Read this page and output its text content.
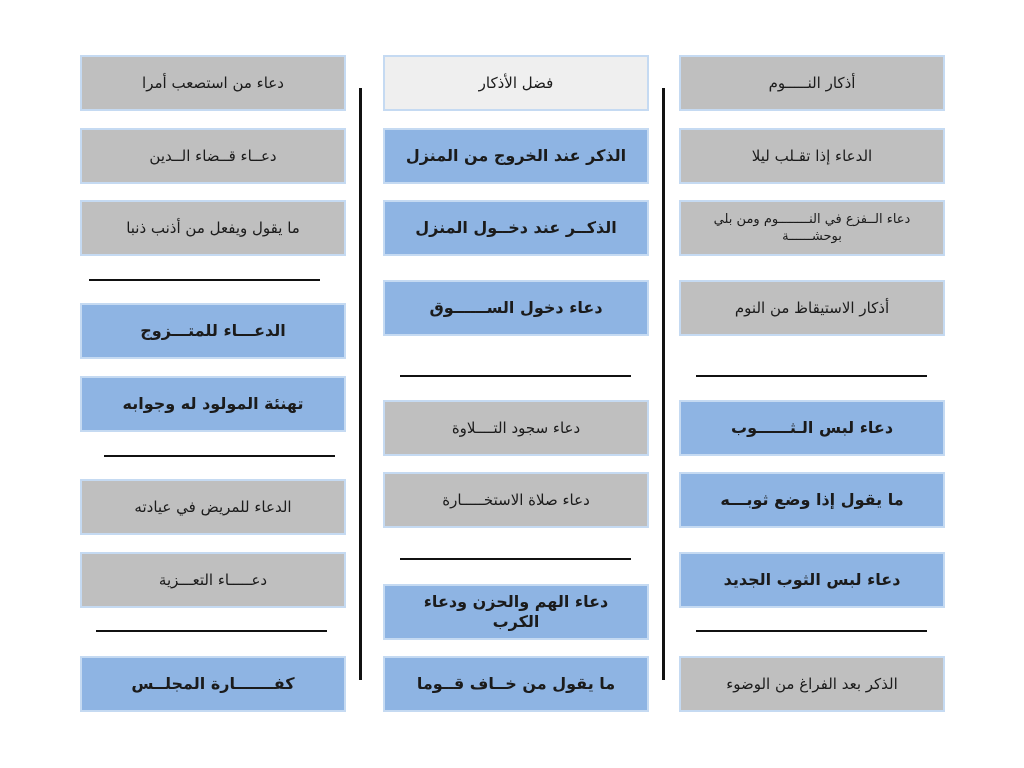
دعاء من استصعب أمرا
دعــاء قــضاء الــدين
ما يقول ويفعل من أذنب ذنبا
الدعـــاء للمتـــزوج
تهنئة المولود له وجوابه
الدعاء للمريض في عيادته
دعـــــاء التعـــزية
كفـــــــارة المجلــس
فضل الأذكار
الذكر عند الخروج من المنزل
الذكــر عند دخــول المنزل
دعاء دخول الســــــوق
دعاء سجود التــــلاوة
دعاء صلاة الاستخـــــارة
دعاء الهم والحزن ودعاء الكرب
ما يقول من خــاف قــوما
أذكار النـــــوم
الدعاء إذا تقـلب ليلا
دعاء الــفزع في النــــــــوم ومن بلي بوحشــــــة
أذكار الاستيقاظ من النوم
دعاء لبس الـثــــــوب
ما يقول إذا وضع ثوبـــه
دعاء لبس الثوب الجديد
الذكر بعد الفراغ من الوضوء
